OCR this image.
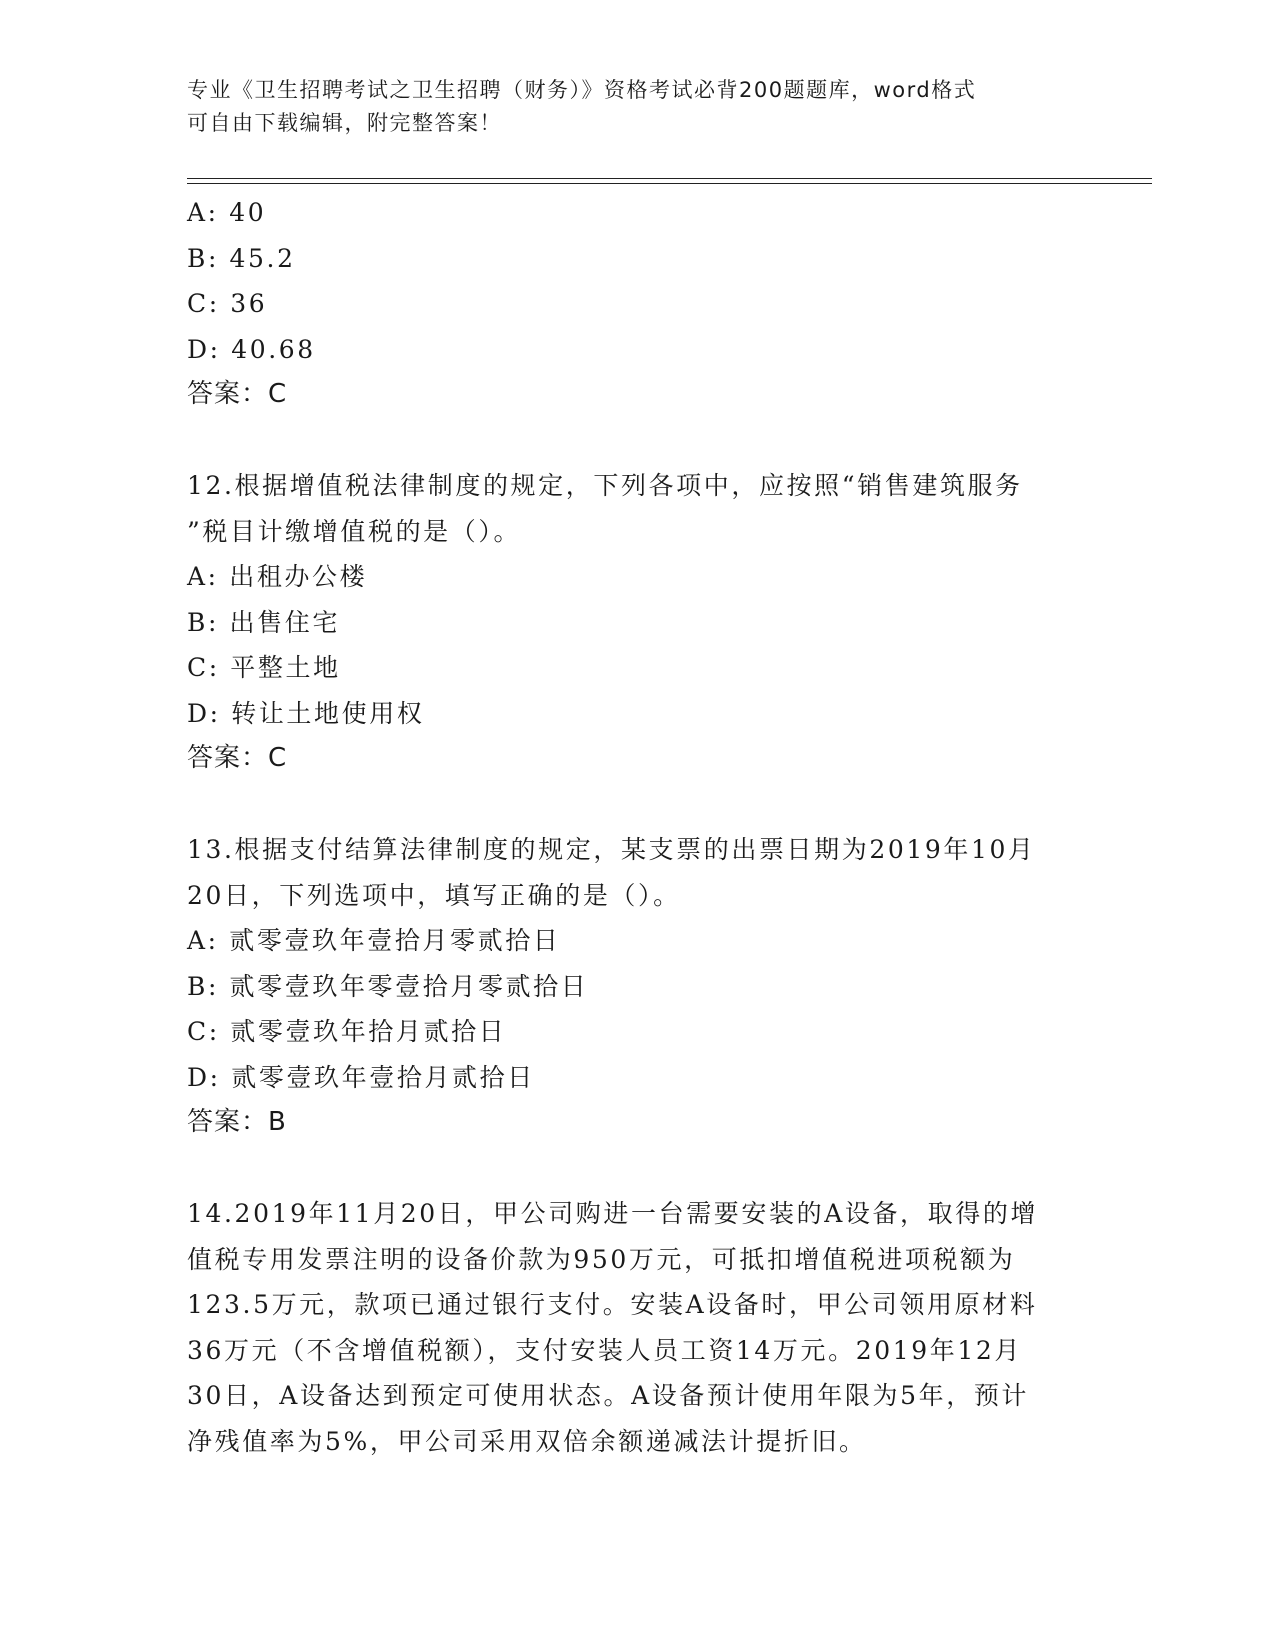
专业《卫生招聘考试之卫生招聘（财务）》资格考试必背200题题库，word格式
可自由下载编辑，附完整答案！
A: 40
B: 45.2
C: 36
D: 40.68
答案：C
12.根据增值税法律制度的规定，下列各项中，应按照“销售建筑服务
”税目计缴增值税的是（）。
A: 出租办公楼
B: 出售住宅
C: 平整土地
D: 转让土地使用权
答案：C
13.根据支付结算法律制度的规定，某支票的出票日期为2019年10月
20日，下列选项中，填写正确的是（）。
A: 贰零壹玖年壹拾月零贰拾日
B: 贰零壹玖年零壹拾月零贰拾日
C: 贰零壹玖年拾月贰拾日
D: 贰零壹玖年壹拾月贰拾日
答案：B
14.2019年11月20日，甲公司购进一台需要安装的A设备，取得的增
值税专用发票注明的设备价款为950万元，可抵扣增值税进项税额为
123.5万元，款项已通过银行支付。安装A设备时，甲公司领用原材料
36万元（不含增值税额），支付安装人员工资14万元。2019年12月
30日，A设备达到预定可使用状态。A设备预计使用年限为5年，预计
净残值率为5%，甲公司采用双倍余额递减法计提折旧。
